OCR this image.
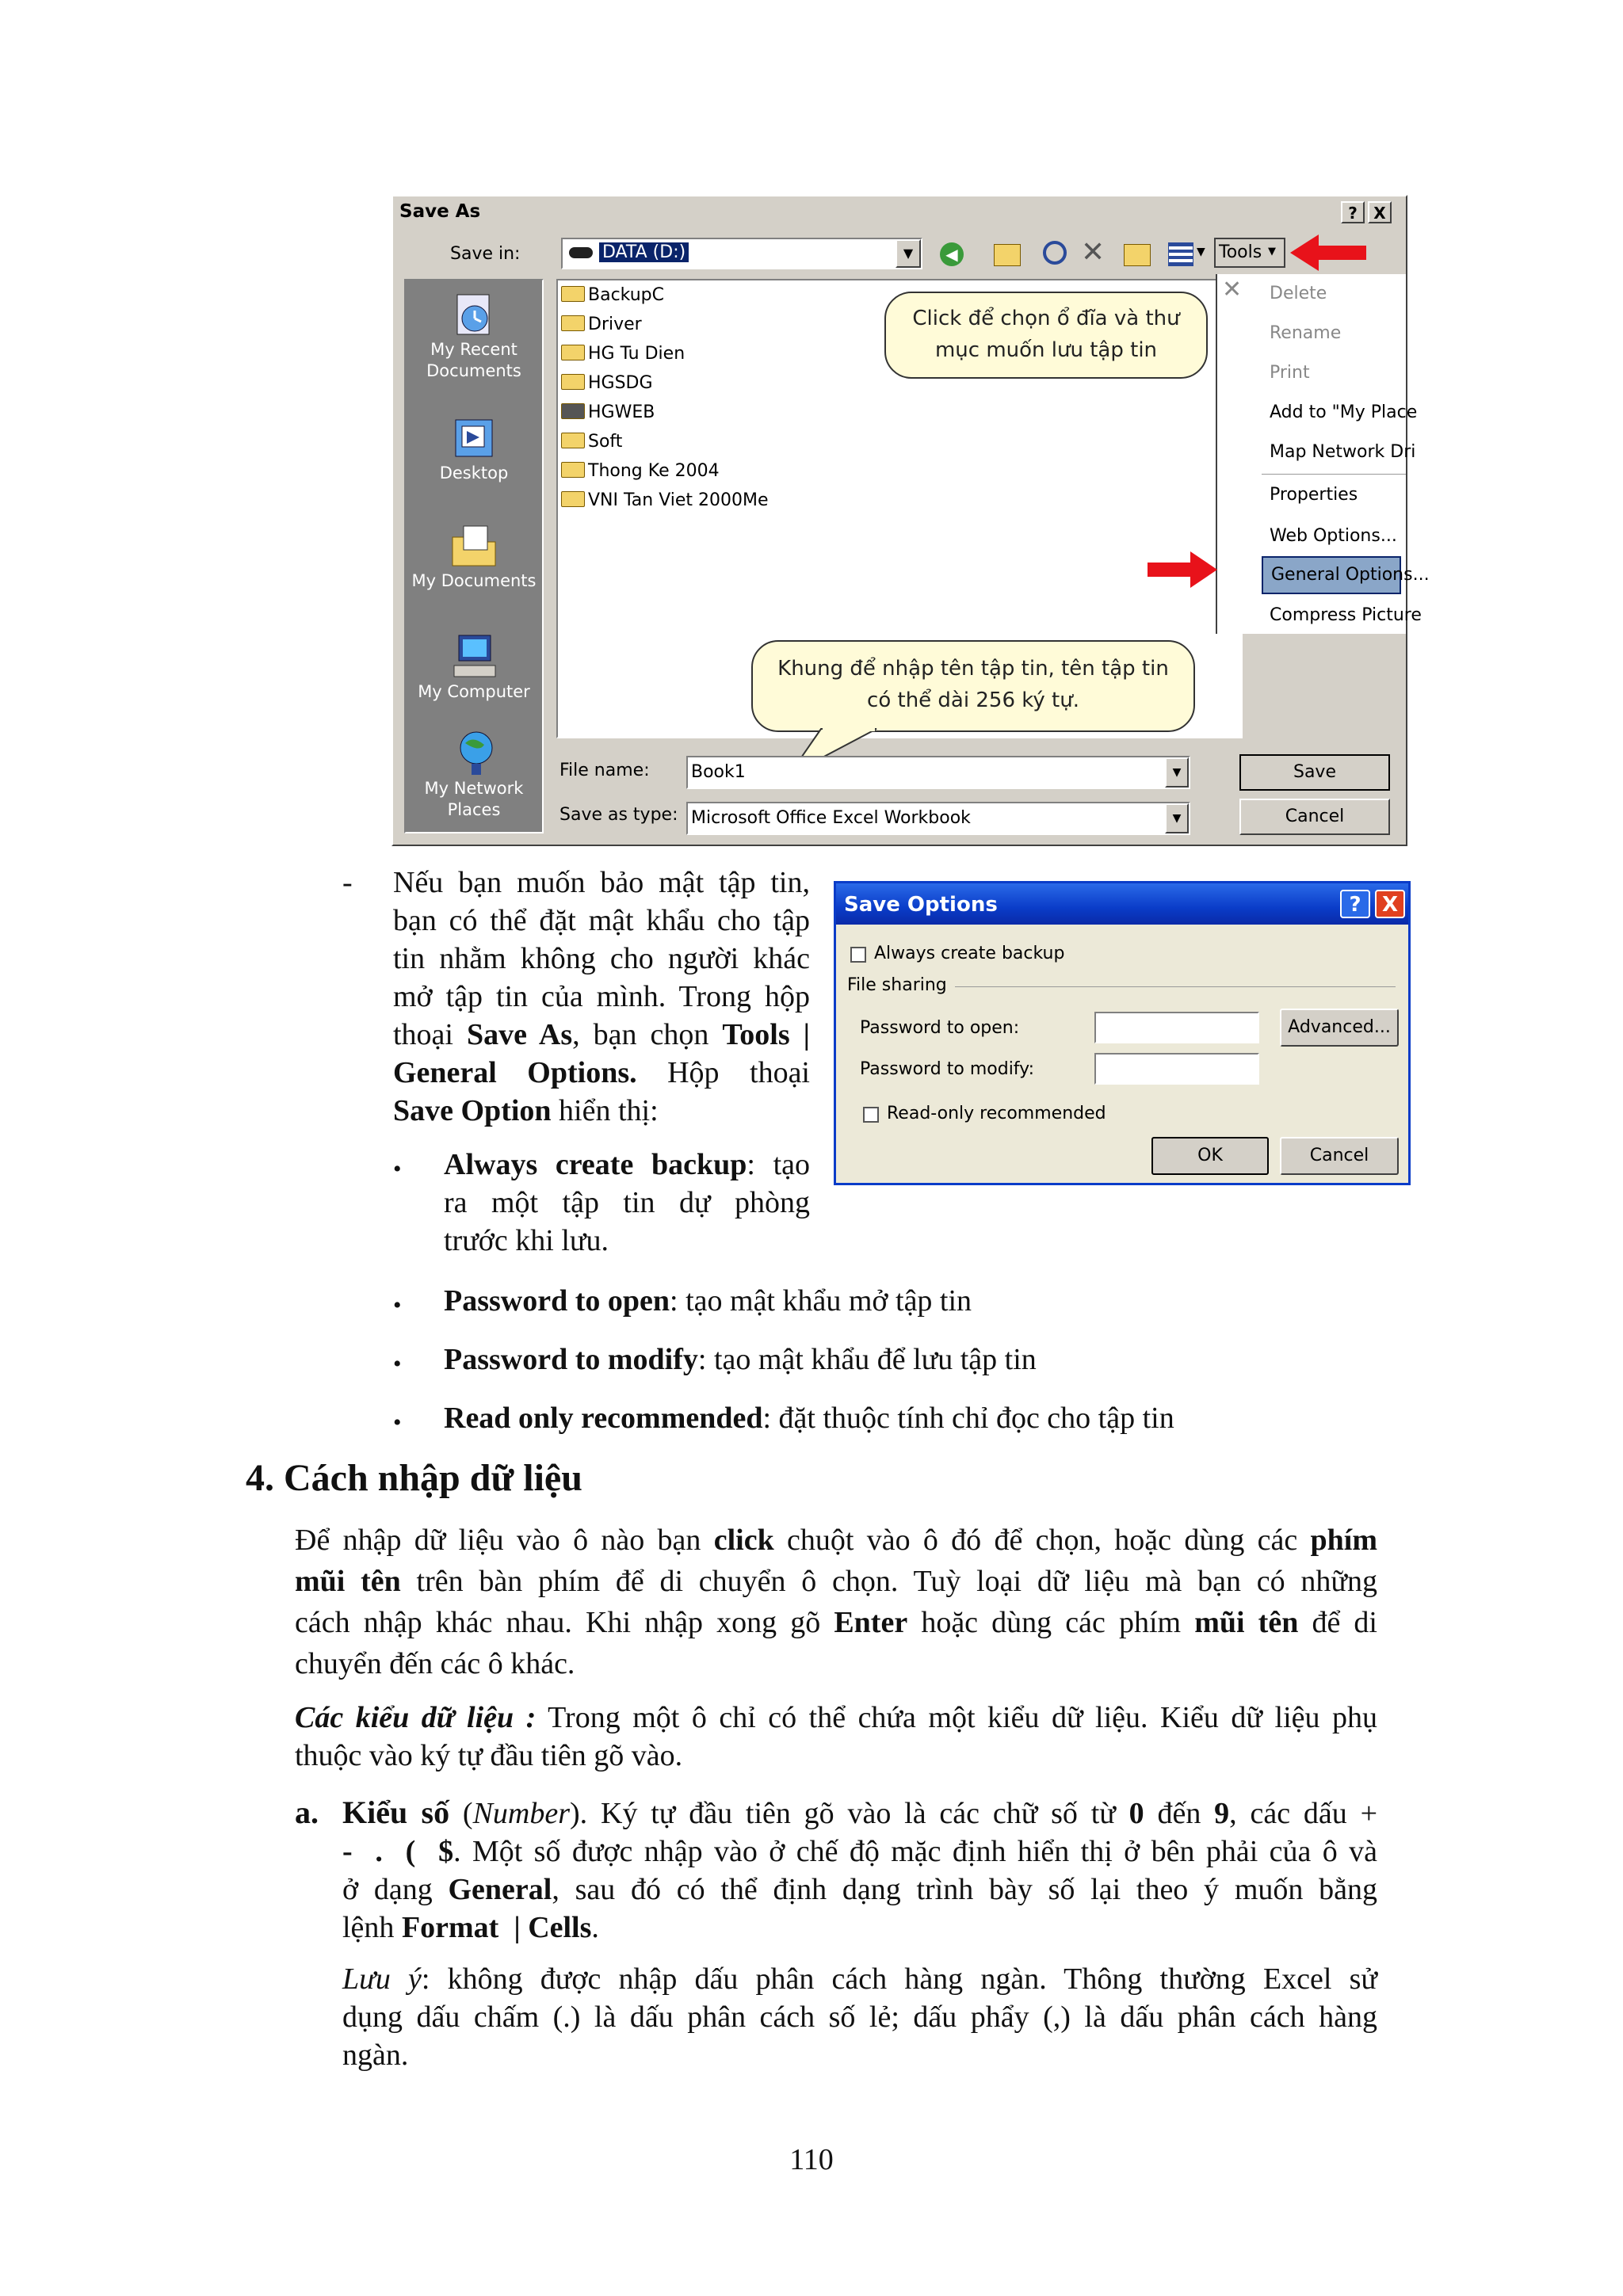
Save As	?	X
Save in:	DATA (D:)	▼	◀	✕	▼ Tools ▼
My Recent
Documents
Desktop
My Documents
My Computer
My Network
Places
BackupC
Driver
HG Tu Dien
HGSDG
HGWEB
Soft
Thong Ke 2004
VNI Tan Viet 2000Me
✕	Delete
Rename
Print
Add to "My Place
Map Network Dri
Properties
Web Options...
General Options...
Compress Picture
Click để chọn ổ đĩa và thư mục muốn lưu tập tin
Khung để nhập tên tập tin, tên tập tin có thể dài 256 ký tự.
File name: Book1	▼	Save
Save as type: Microsoft Office Excel Workbook	▼	Cancel
Save Options	?	X
Always create backup
File sharing
Password to open:	Advanced...
Password to modify:
Read-only recommended
OK	Cancel
- Nếu bạn muốn bảo mật tập tin,
bạn có thể đặt mật khẩu cho tập
tin nhằm không cho người khác
mở tập tin của mình. Trong hộp
thoại Save As, bạn chọn Tools |
General Options. Hộp thoại
Save Option hiển thị:
• Always create backup: tạo
ra một tập tin dự phòng
trước khi lưu.
• Password to open: tạo mật khẩu mở tập tin
• Password to modify: tạo mật khẩu để lưu tập tin
• Read only recommended: đặt thuộc tính chỉ đọc cho tập tin
4. Cách nhập dữ liệu
Để nhập dữ liệu vào ô nào bạn click chuột vào ô đó để chọn, hoặc dùng các phím
mũi tên trên bàn phím để di chuyển ô chọn. Tuỳ loại dữ liệu mà bạn có những
cách nhập khác nhau. Khi nhập xong gõ Enter hoặc dùng các phím mũi tên để di
chuyển đến các ô khác.
Các kiểu dữ liệu : Trong một ô chỉ có thể chứa một kiểu dữ liệu. Kiểu dữ liệu phụ
thuộc vào ký tự đầu tiên gõ vào.
a. Kiểu số (Number). Ký tự đầu tiên gõ vào là các chữ số từ 0 đến 9, các dấu +
-  .  (  $. Một số được nhập vào ở chế độ mặc định hiển thị ở bên phải của ô và
ở dạng General, sau đó có thể định dạng trình bày số lại theo ý muốn bằng
lệnh Format  | Cells.
Lưu ý: không được nhập dấu phân cách hàng ngàn. Thông thường Excel sử
dụng dấu chấm (.) là dấu phân cách số lẻ; dấu phẩy (,) là dấu phân cách hàng
ngàn.
110
